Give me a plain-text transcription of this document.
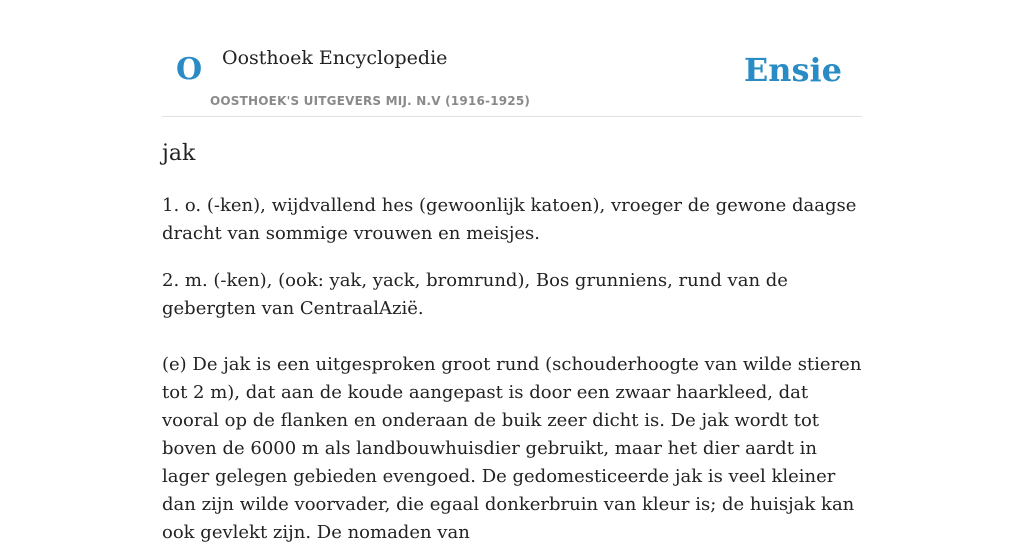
O Oosthoek Encyclopedie
OOSTHOEK'S UITGEVERS MIJ. N.V (1916-1925)
Ensie
jak

1. o. (-ken), wijdvallend hes (gewoonlijk katoen), vroeger de gewone daagse dracht van sommige vrouwen en meisjes.

2. m. (-ken), (ook: yak, yack, bromrund), Bos grunniens, rund van de gebergten van CentraalAzië.

(e) De jak is een uitgesproken groot rund (schouderhoogte van wilde stieren tot 2 m), dat aan de koude aangepast is door een zwaar haarkleed, dat vooral op de flanken en onderaan de buik zeer dicht is. De jak wordt tot boven de 6000 m als landbouwhuisdier gebruikt, maar het dier aardt in lager gelegen gebieden evengoed. De gedomesticeerde jak is veel kleiner dan zijn wilde voorvader, die egaal donkerbruin van kleur is; de huisjak kan ook gevlekt zijn. De nomaden van
